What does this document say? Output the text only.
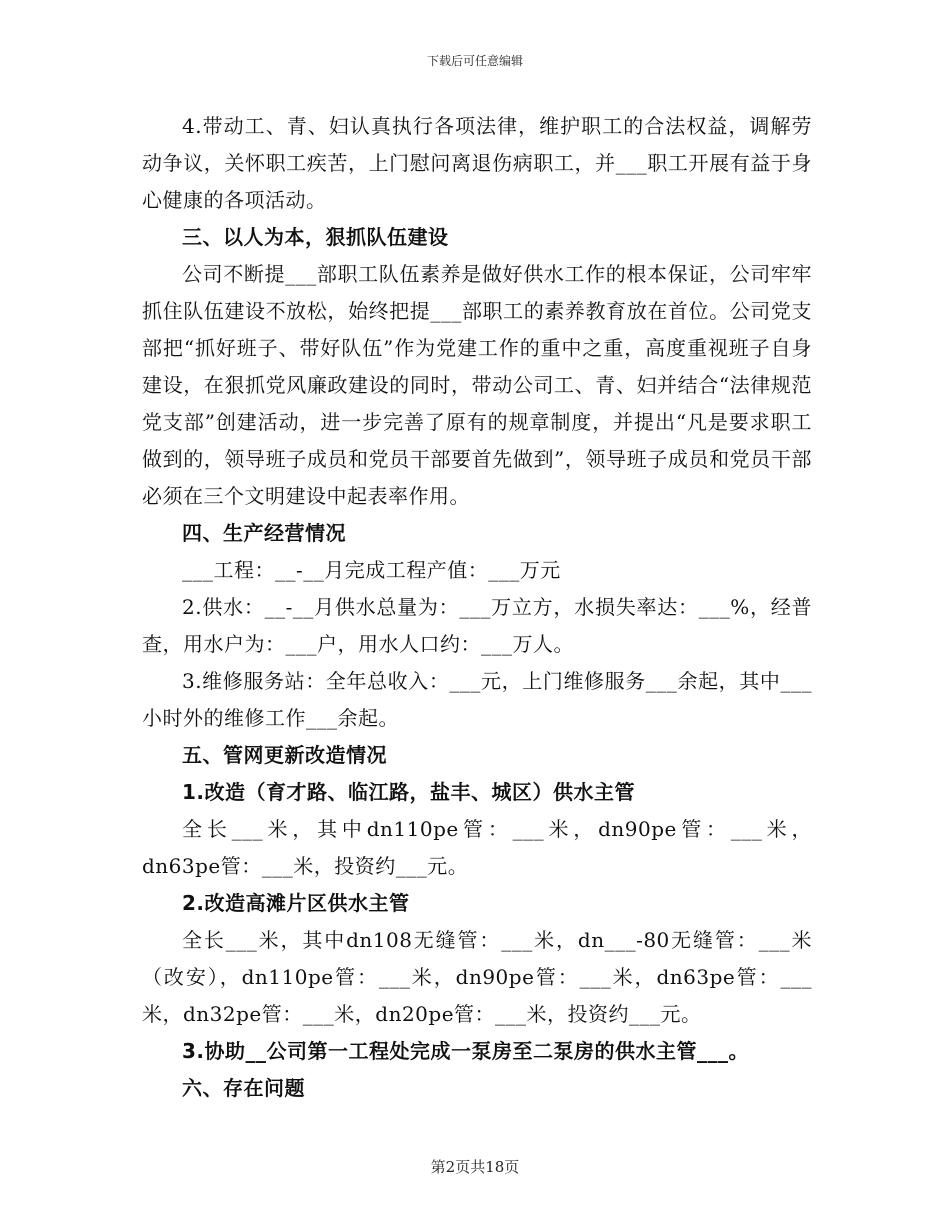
下载后可任意编辑

4.带动工、青、妇认真执行各项法律，维护职工的合法权益，调解劳动争议，关怀职工疾苦，上门慰问离退伤病职工，并___职工开展有益于身心健康的各项活动。

三、以人为本，狠抓队伍建设

公司不断提___部职工队伍素养是做好供水工作的根本保证，公司牢牢抓住队伍建设不放松，始终把提___部职工的素养教育放在首位。公司党支部把“抓好班子、带好队伍”作为党建工作的重中之重，高度重视班子自身建设，在狠抓党风廉政建设的同时，带动公司工、青、妇并结合“法律规范党支部”创建活动，进一步完善了原有的规章制度，并提出“凡是要求职工做到的，领导班子成员和党员干部要首先做到”，领导班子成员和党员干部必须在三个文明建设中起表率作用。

四、生产经营情况

___工程：__-__月完成工程产值：___万元

2.供水：__-__月供水总量为：___万立方，水损失率达：___%，经普查，用水户为：___户，用水人口约：___万人。

3.维修服务站：全年总收入：___元，上门维修服务___余起，其中___小时外的维修工作___余起。

五、管网更新改造情况

1.改造（育才路、临江路，盐丰、城区）供水主管

全长___米，其中dn110pe管：___米，dn90pe管：___米，dn63pe管：___米，投资约___元。

2.改造高滩片区供水主管

全长___米，其中dn108无缝管：___米，dn___-80无缝管：___米（改安），dn110pe管：___米，dn90pe管：___米，dn63pe管：___米，dn32pe管：___米，dn20pe管：___米，投资约___元。

3.协助__公司第一工程处完成一泵房至二泵房的供水主管___。

六、存在问题

第2页共18页
